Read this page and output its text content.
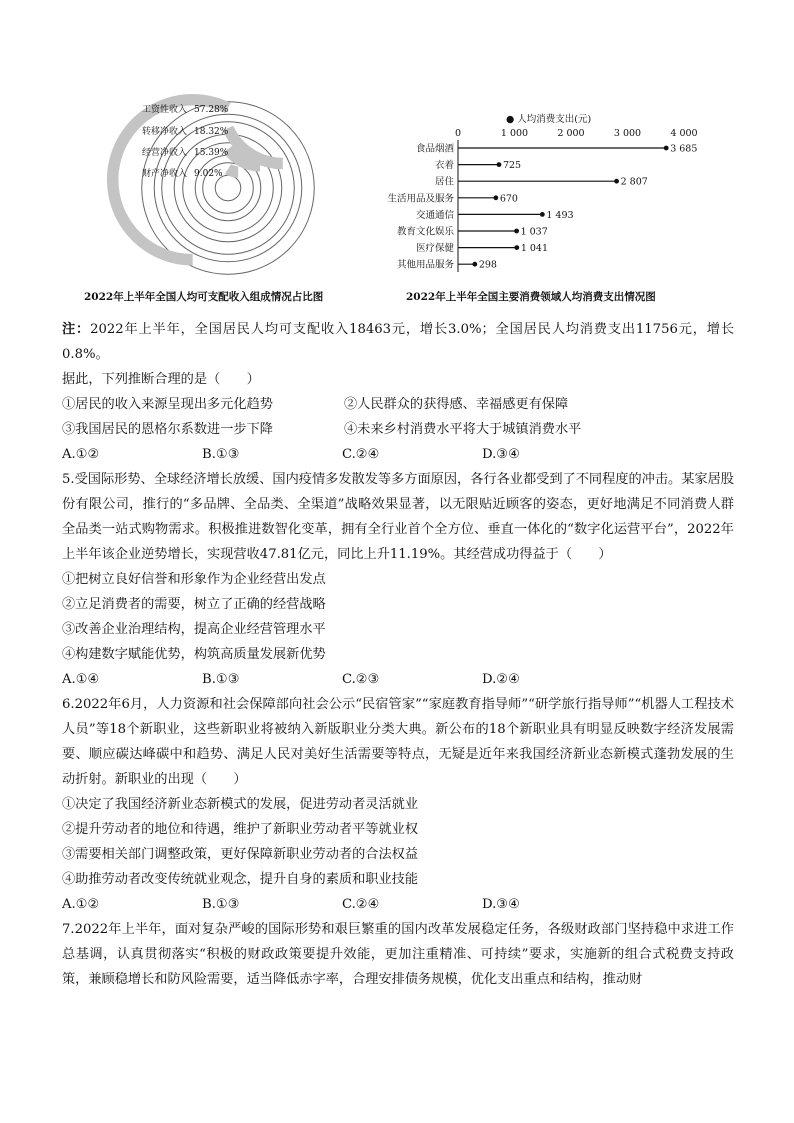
工资性收入 57.28%
转移净收入 18.32%
经营净收入 15.39%
财产净收入 9.02%
2022年上半年全国人均可支配收入组成情况占比图
● 人均消费支出(元)
0	1 000	2 000	3 000	4 000
食品烟酒	3 685
衣着	725
居住	2 807
生活用品及服务	670
交通通信	1 493
教育文化娱乐	1 037
医疗保健	1 041
其他用品服务	298
2022年上半年全国主要消费领域人均消费支出情况图

注：2022年上半年，全国居民人均可支配收入18463元，增长3.0%；全国居民人均消费支出11756元，增长0.8%。

据此，下列推断合理的是（　　）

①居民的收入来源呈现出多元化趋势	②人民群众的获得感、幸福感更有保障
③我国居民的恩格尔系数进一步下降	④未来乡村消费水平将大于城镇消费水平
A.①②	B.①③	C.②④	D.③④

5.受国际形势、全球经济增长放缓、国内疫情多发散发等多方面原因，各行各业都受到了不同程度的冲击。某家居股份有限公司，推行的“多品牌、全品类、全渠道”战略效果显著，以无限贴近顾客的姿态，更好地满足不同消费人群全品类一站式购物需求。积极推进数智化变革，拥有全行业首个全方位、垂直一体化的“数字化运营平台”，2022年上半年该企业逆势增长，实现营收47.81亿元，同比上升11.19%。其经营成功得益于（　　）

①把树立良好信誉和形象作为企业经营出发点

②立足消费者的需要，树立了正确的经营战略

③改善企业治理结构，提高企业经营管理水平

④构建数字赋能优势，构筑高质量发展新优势

A.①④	B.①③	C.②③	D.②④

6.2022年6月，人力资源和社会保障部向社会公示“民宿管家”“家庭教育指导师”“研学旅行指导师”“机器人工程技术人员”等18个新职业，这些新职业将被纳入新版职业分类大典。新公布的18个新职业具有明显反映数字经济发展需要、顺应碳达峰碳中和趋势、满足人民对美好生活需要等特点，无疑是近年来我国经济新业态新模式蓬勃发展的生动折射。新职业的出现（　　）

①决定了我国经济新业态新模式的发展，促进劳动者灵活就业

②提升劳动者的地位和待遇，维护了新职业劳动者平等就业权

③需要相关部门调整政策，更好保障新职业劳动者的合法权益

④助推劳动者改变传统就业观念，提升自身的素质和职业技能

A.①②	B.①③	C.②④	D.③④

7.2022年上半年，面对复杂严峻的国际形势和艰巨繁重的国内改革发展稳定任务，各级财政部门坚持稳中求进工作总基调，认真贯彻落实“积极的财政政策要提升效能，更加注重精准、可持续”要求，实施新的组合式税费支持政策，兼顾稳增长和防风险需要，适当降低赤字率，合理安排债务规模，优化支出重点和结构，推动财
